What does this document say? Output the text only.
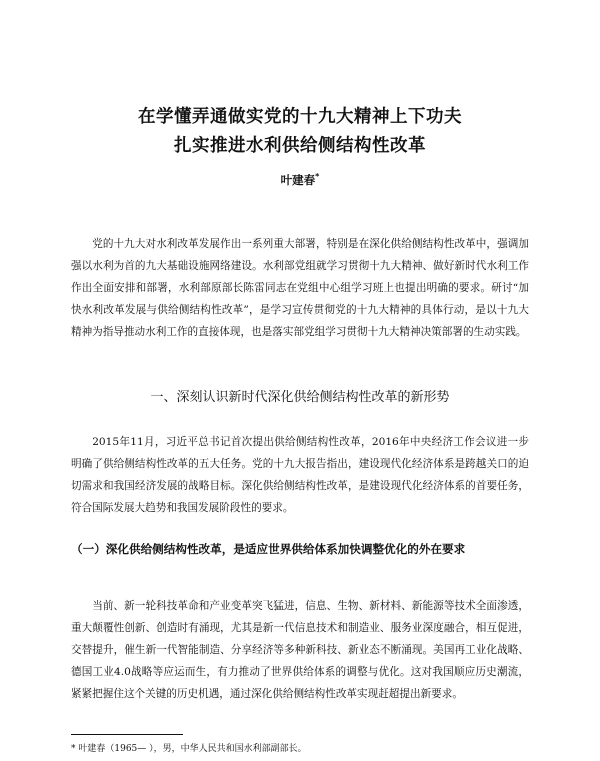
在学懂弄通做实党的十九大精神上下功夫
扎实推进水利供给侧结构性改革
叶建春*

党的十九大对水利改革发展作出一系列重大部署，特别是在深化供给侧结构性改革中，强调加强以水利为首的九大基础设施网络建设。水利部党组就学习贯彻十九大精神、做好新时代水利工作作出全面安排和部署，水利部原部长陈雷同志在党组中心组学习班上也提出明确的要求。研讨“加快水利改革发展与供给侧结构性改革”，是学习宣传贯彻党的十九大精神的具体行动，是以十九大精神为指导推动水利工作的直接体现，也是落实部党组学习贯彻十九大精神决策部署的生动实践。

一、深刻认识新时代深化供给侧结构性改革的新形势

2015年11月，习近平总书记首次提出供给侧结构性改革，2016年中央经济工作会议进一步明确了供给侧结构性改革的五大任务。党的十九大报告指出，建设现代化经济体系是跨越关口的迫切需求和我国经济发展的战略目标。深化供给侧结构性改革，是建设现代化经济体系的首要任务，符合国际发展大趋势和我国发展阶段性的要求。

（一）深化供给侧结构性改革，是适应世界供给体系加快调整优化的外在要求

当前、新一轮科技革命和产业变革突飞猛进，信息、生物、新材料、新能源等技术全面渗透，重大颠覆性创新、创造时有涌现，尤其是新一代信息技术和制造业、服务业深度融合，相互促进，交替提升，催生新一代智能制造、分享经济等多种新科技、新业态不断涌现。美国再工业化战略、德国工业4.0战略等应运而生，有力推动了世界供给体系的调整与优化。这对我国顺应历史潮流，紧紧把握住这个关键的历史机遇，通过深化供给侧结构性改革实现赶超提出新要求。

* 叶建春（1965— ），男，中华人民共和国水利部副部长。
